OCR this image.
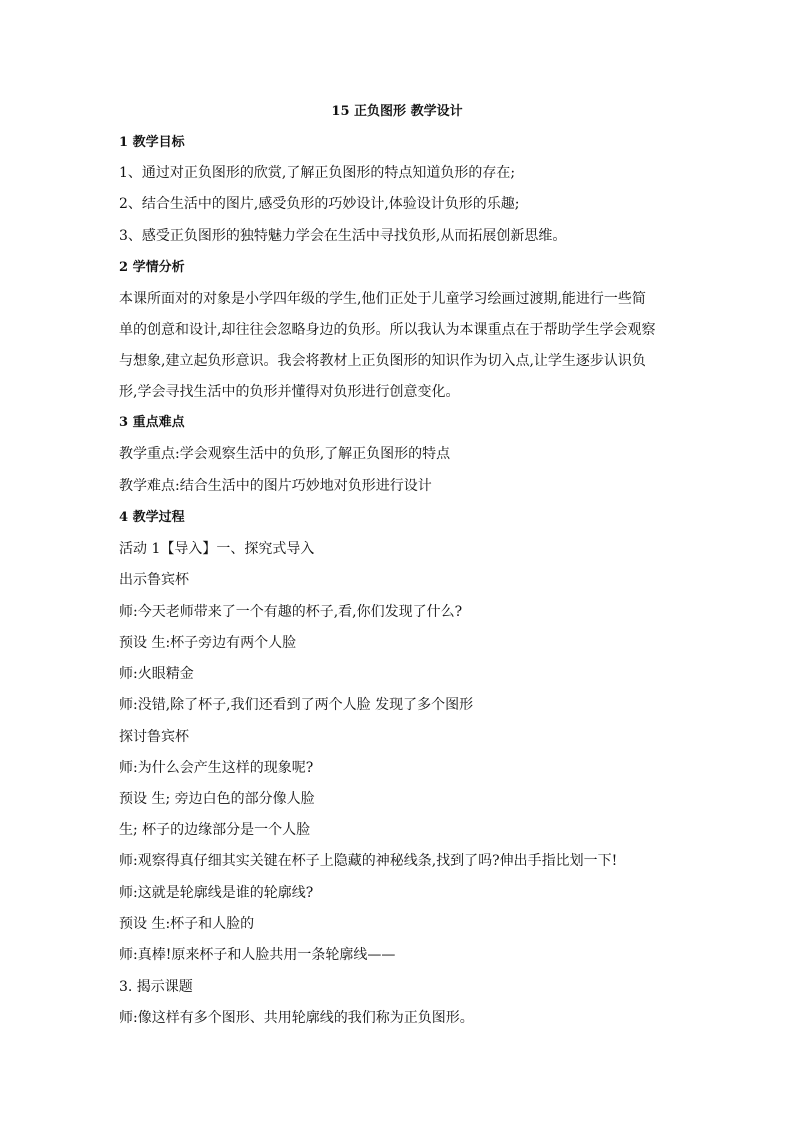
15 正负图形 教学设计
1 教学目标
1、通过对正负图形的欣赏,了解正负图形的特点知道负形的存在;
2、结合生活中的图片,感受负形的巧妙设计,体验设计负形的乐趣;
3、感受正负图形的独特魅力学会在生活中寻找负形,从而拓展创新思维。
2 学情分析
本课所面对的对象是小学四年级的学生,他们正处于儿童学习绘画过渡期,能进行一些简
单的创意和设计,却往往会忽略身边的负形。所以我认为本课重点在于帮助学生学会观察
与想象,建立起负形意识。我会将教材上正负图形的知识作为切入点,让学生逐步认识负
形,学会寻找生活中的负形并懂得对负形进行创意变化。
3 重点难点
教学重点:学会观察生活中的负形,了解正负图形的特点
教学难点:结合生活中的图片巧妙地对负形进行设计
4 教学过程
活动 1【导入】一、探究式导入
出示鲁宾杯
师:今天老师带来了一个有趣的杯子,看,你们发现了什么?
预设 生:杯子旁边有两个人脸
师:火眼精金
师:没错,除了杯子,我们还看到了两个人脸 发现了多个图形
探讨鲁宾杯
师:为什么会产生这样的现象呢?
预设 生; 旁边白色的部分像人脸
生; 杯子的边缘部分是一个人脸
师:观察得真仔细其实关键在杯子上隐藏的神秘线条,找到了吗?伸出手指比划一下!
师:这就是轮廓线是谁的轮廓线?
预设 生:杯子和人脸的
师:真棒!原来杯子和人脸共用一条轮廓线——
3. 揭示课题
师:像这样有多个图形、共用轮廓线的我们称为正负图形。
